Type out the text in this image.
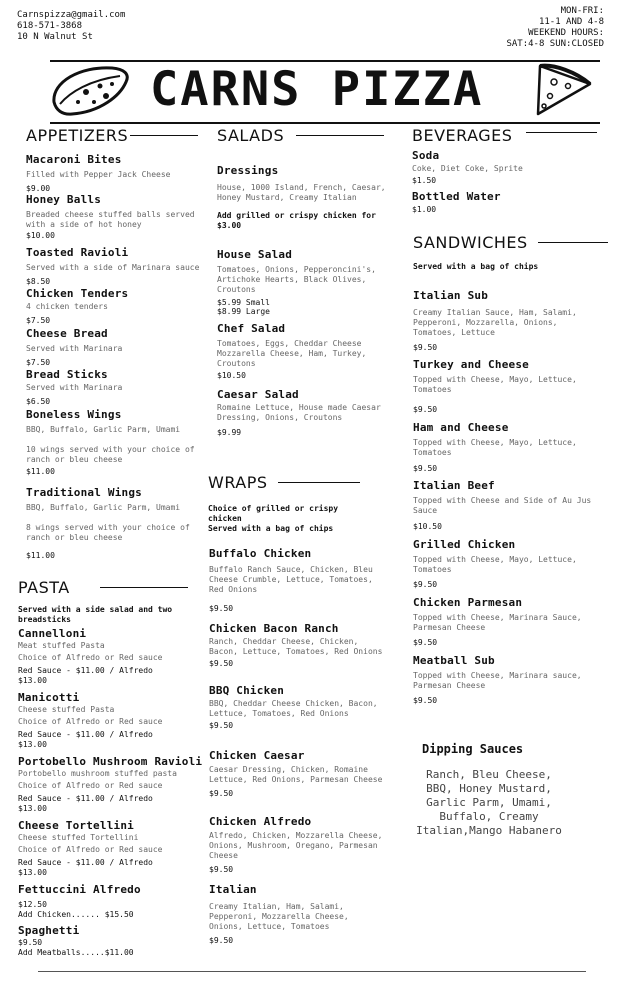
Carnspizza@gmail.com
618-571-3868
10 N Walnut St
MON-FRI:
11-1 AND 4-8
WEEKEND HOURS:
SAT:4-8 SUN:CLOSED
CARNS PIZZA
APPETIZERS
Macaroni Bites
Filled with Pepper Jack Cheese
$9.00
Honey Balls
Breaded cheese stuffed balls served with a side of hot honey
$10.00
Toasted Ravioli
Served with a side of Marinara sauce
$8.50
Chicken Tenders
4 chicken tenders
$7.50
Cheese Bread
Served with Marinara
$7.50
Bread Sticks
Served with Marinara
$6.50
Boneless Wings
BBQ, Buffalo, Garlic Parm, Umami
10 wings served with your choice of ranch or bleu cheese
$11.00
Traditional Wings
BBQ, Buffalo, Garlic Parm, Umami
8 wings served with your choice of ranch or bleu cheese
$11.00
PASTA
Served with a side salad and two breadsticks
Cannelloni
Meat stuffed Pasta
Choice of Alfredo or Red sauce
Red Sauce - $11.00 / Alfredo $13.00
Manicotti
Cheese stuffed Pasta
Choice of Alfredo or Red sauce
Red Sauce - $11.00 / Alfredo $13.00
Portobello Mushroom Ravioli
Portobello mushroom stuffed pasta
Choice of Alfredo or Red sauce
Red Sauce - $11.00 / Alfredo $13.00
Cheese Tortellini
Cheese stuffed Tortellini
Choice of Alfredo or Red sauce
Red Sauce - $11.00 / Alfredo $13.00
Fettuccini Alfredo
$12.50
Add Chicken...... $15.50
Spaghetti
$9.50
Add Meatballs.....$11.00
SALADS
Dressings
House, 1000 Island, French, Caesar, Honey Mustard, Creamy Italian
Add grilled or crispy chicken for $3.00
House Salad
Tomatoes, Onions, Pepperoncini's, Artichoke Hearts, Black Olives, Croutons
$5.99 Small
$8.99 Large
Chef Salad
Tomatoes, Eggs, Cheddar Cheese Mozzarella Cheese, Ham, Turkey, Croutons
$10.50
Caesar Salad
Romaine Lettuce, House made Caesar Dressing, Onions, Croutons
$9.99
WRAPS
Choice of grilled or crispy chicken
Served with a bag of chips
Buffalo Chicken
Buffalo Ranch Sauce, Chicken, Bleu Cheese Crumble, Lettuce, Tomatoes, Red Onions
$9.50
Chicken Bacon Ranch
Ranch, Cheddar Cheese, Chicken, Bacon, Lettuce, Tomatoes, Red Onions
$9.50
BBQ Chicken
BBQ, Cheddar Cheese Chicken, Bacon, Lettuce, Tomatoes, Red Onions
$9.50
Chicken Caesar
Caesar Dressing, Chicken, Romaine Lettuce, Red Onions, Parmesan Cheese
$9.50
Chicken Alfredo
Alfredo, Chicken, Mozzarella Cheese, Onions, Mushroom, Oregano, Parmesan Cheese
$9.50
Italian
Creamy Italian, Ham, Salami, Pepperoni, Mozzarella Cheese, Onions, Lettuce, Tomatoes
$9.50
BEVERAGES
Soda
Coke, Diet Coke, Sprite
$1.50
Bottled Water
$1.00
SANDWICHES
Served with a bag of chips
Italian Sub
Creamy Italian Sauce, Ham, Salami, Pepperoni, Mozzarella, Onions, Tomatoes, Lettuce
$9.50
Turkey and Cheese
Topped with Cheese, Mayo, Lettuce, Tomatoes
$9.50
Ham and Cheese
Topped with Cheese, Mayo, Lettuce, Tomatoes
$9.50
Italian Beef
Topped with Cheese and Side of Au Jus Sauce
$10.50
Grilled Chicken
Topped with Cheese, Mayo, Lettuce, Tomatoes
$9.50
Chicken Parmesan
Topped with Cheese, Marinara Sauce, Parmesan Cheese
$9.50
Meatball Sub
Topped with Cheese, Marinara sauce, Parmesan Cheese
$9.50
Dipping Sauces
Ranch, Bleu Cheese, BBQ, Honey Mustard, Garlic Parm, Umami, Buffalo, Creamy Italian,Mango Habanero
